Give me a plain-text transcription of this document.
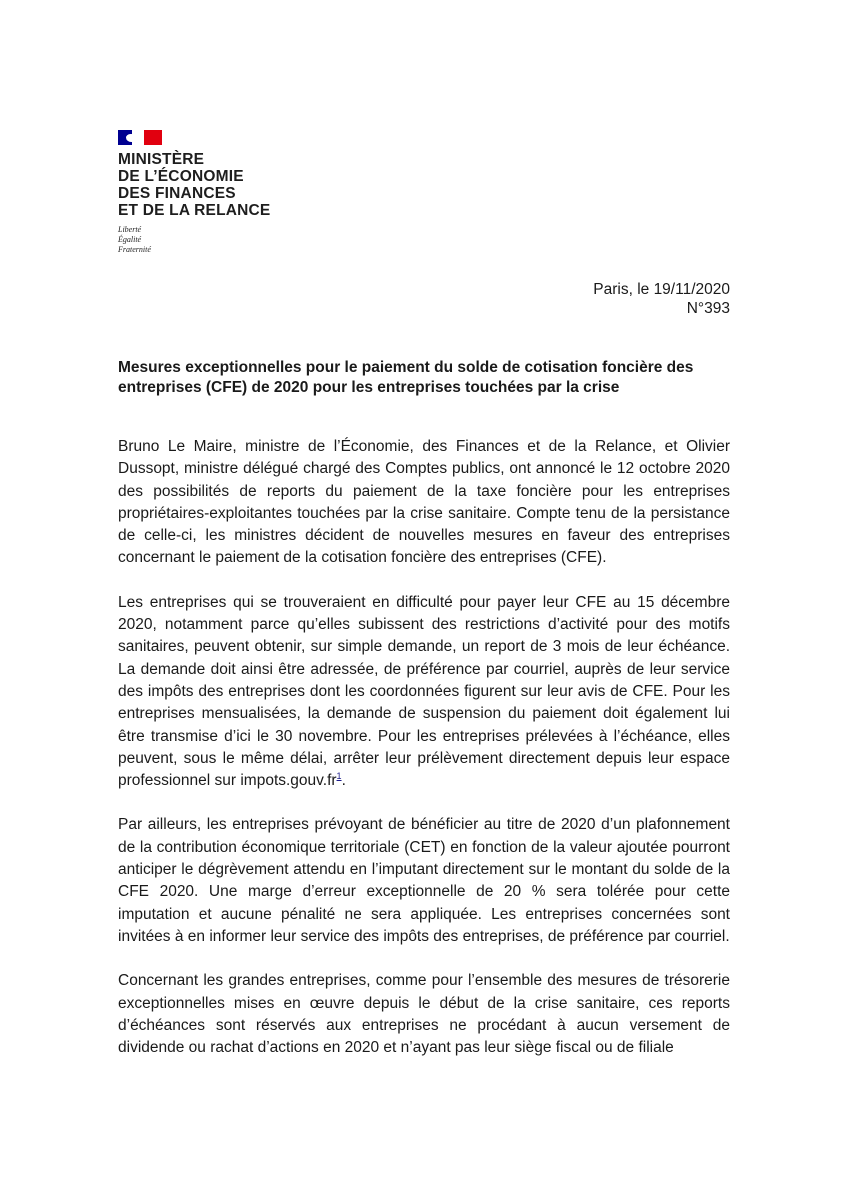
MINISTÈRE
DE L’ÉCONOMIE
DES FINANCES
ET DE LA RELANCE
Liberté
Égalité
Fraternité
Paris, le 19/11/2020
N°393
Mesures exceptionnelles pour le paiement du solde de cotisation foncière des entreprises (CFE) de 2020 pour les entreprises touchées par la crise

Bruno Le Maire, ministre de l’Économie, des Finances et de la Relance, et Olivier Dussopt, ministre délégué chargé des Comptes publics, ont annoncé le 12 octobre 2020 des possibilités de reports du paiement de la taxe foncière pour les entreprises propriétaires-exploitantes touchées par la crise sanitaire. Compte tenu de la persistance de celle-ci, les ministres décident de nouvelles mesures en faveur des entreprises concernant le paiement de la cotisation foncière des entreprises (CFE).

Les entreprises qui se trouveraient en difficulté pour payer leur CFE au 15 décembre 2020, notamment parce qu’elles subissent des restrictions d’activité pour des motifs sanitaires, peuvent obtenir, sur simple demande, un report de 3 mois de leur échéance. La demande doit ainsi être adressée, de préférence par courriel, auprès de leur service des impôts des entreprises dont les coordonnées figurent sur leur avis de CFE. Pour les entreprises mensualisées, la demande de suspension du paiement doit également lui être transmise d’ici le 30 novembre. Pour les entreprises prélevées à l’échéance, elles peuvent, sous le même délai, arrêter leur prélèvement directement depuis leur espace professionnel sur impots.gouv.fr$^1$.

Par ailleurs, les entreprises prévoyant de bénéficier au titre de 2020 d’un plafonnement de la contribution économique territoriale (CET) en fonction de la valeur ajoutée pourront anticiper le dégrèvement attendu en l’imputant directement sur le montant du solde de la CFE 2020. Une marge d’erreur exceptionnelle de 20 % sera tolérée pour cette imputation et aucune pénalité ne sera appliquée. Les entreprises concernées sont invitées à en informer leur service des impôts des entreprises, de préférence par courriel.

Concernant les grandes entreprises, comme pour l’ensemble des mesures de trésorerie exceptionnelles mises en œuvre depuis le début de la crise sanitaire, ces reports d’échéances sont réservés aux entreprises ne procédant à aucun versement de dividende ou rachat d’actions en 2020 et n’ayant pas leur siège fiscal ou de filiale
